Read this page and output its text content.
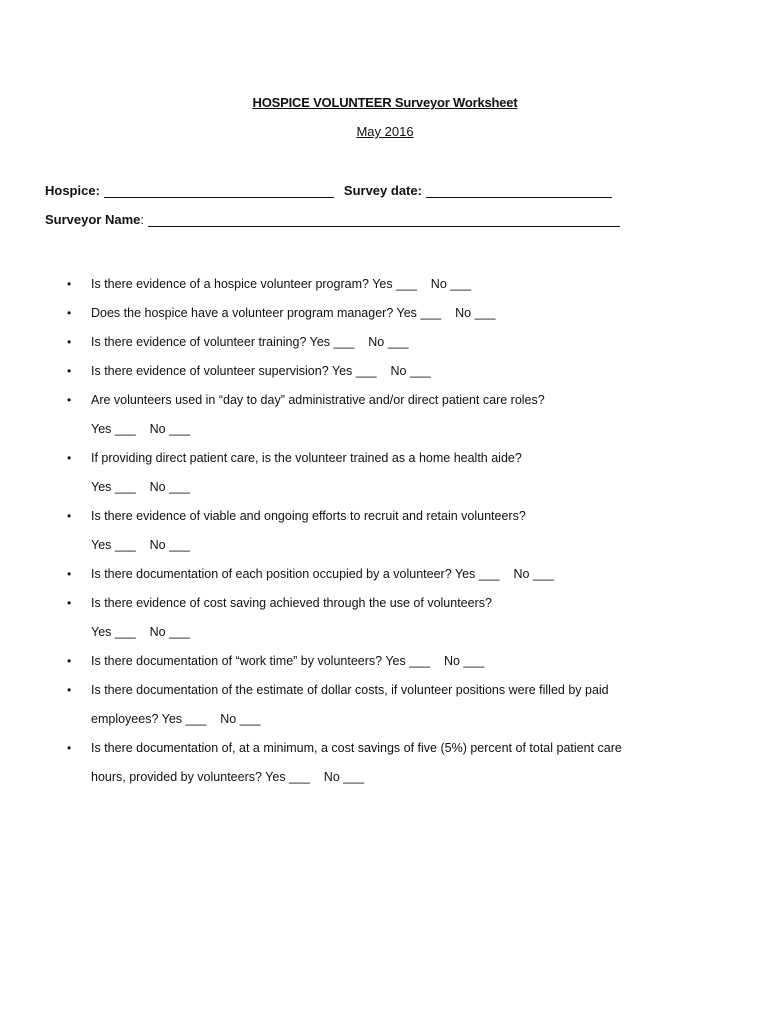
HOSPICE VOLUNTEER Surveyor Worksheet
May 2016
Hospice:	Survey date:
Surveyor Name :
• Is there evidence of a hospice volunteer program? Yes ___    No ___
• Does the hospice have a volunteer program manager? Yes ___    No ___
• Is there evidence of volunteer training? Yes ___    No ___
• Is there evidence of volunteer supervision? Yes ___    No ___
• Are volunteers used in “day to day” administrative and/or direct patient care roles?
Yes ___    No ___
• If providing direct patient care, is the volunteer trained as a home health aide?
Yes ___    No ___
• Is there evidence of viable and ongoing efforts to recruit and retain volunteers?
Yes ___    No ___
• Is there documentation of each position occupied by a volunteer? Yes ___    No ___
• Is there evidence of cost saving achieved through the use of volunteers?
Yes ___    No ___
• Is there documentation of “work time” by volunteers? Yes ___    No ___
• Is there documentation of the estimate of dollar costs, if volunteer positions were filled by paid
employees? Yes ___    No ___
• Is there documentation of, at a minimum, a cost savings of five (5%) percent of total patient care
hours, provided by volunteers? Yes ___    No ___
